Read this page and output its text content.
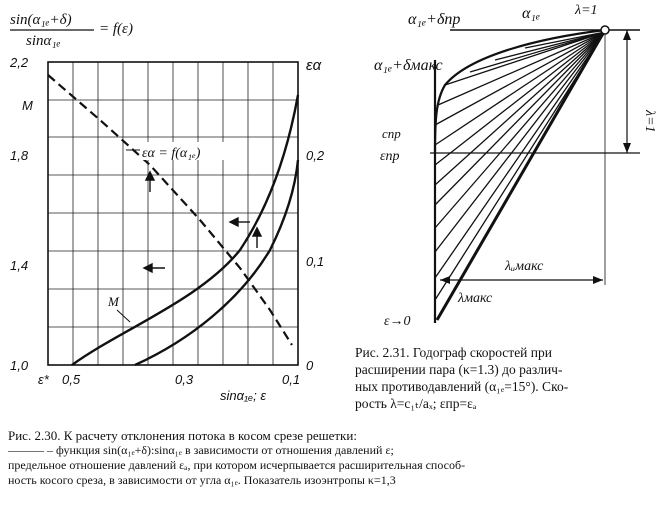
sin(α₁ₑ+δ)
sinα₁ₑ
= f(ε)
2,2
1,8
1,4
1,0
M
εα
0,2
0,1
0
ε* 0,5	0,3	0,1
sinα₁ₑ; ε
εα = f(α₁ₑ)
M
α₁ₑ+δпр	α₁ₑ λ=1
α₁ₑ+δмакс
cпр
εпр
λ=1
λᵤмакс
λмакс
ε→0
Рис. 2.31. Годограф скоростей при
расширении пара (κ=1.3) до различ-
ных противодавлений (α₁ₑ=15°). Ско-
рость λ=c₁ₜ/aₓ; εпр=εₐ
Рис. 2.30. К расчету отклонения потока в косом срезе решетки:
——— – функция sin(α₁ₑ+δ):sinα₁ₑ в зависимости от отношения давлений ε;
предельное отношение давлений εₐ, при котором исчерпывается расширительная способ-
ность косого среза, в зависимости от угла α₁ₑ. Показатель изоэнтропы κ=1,3
